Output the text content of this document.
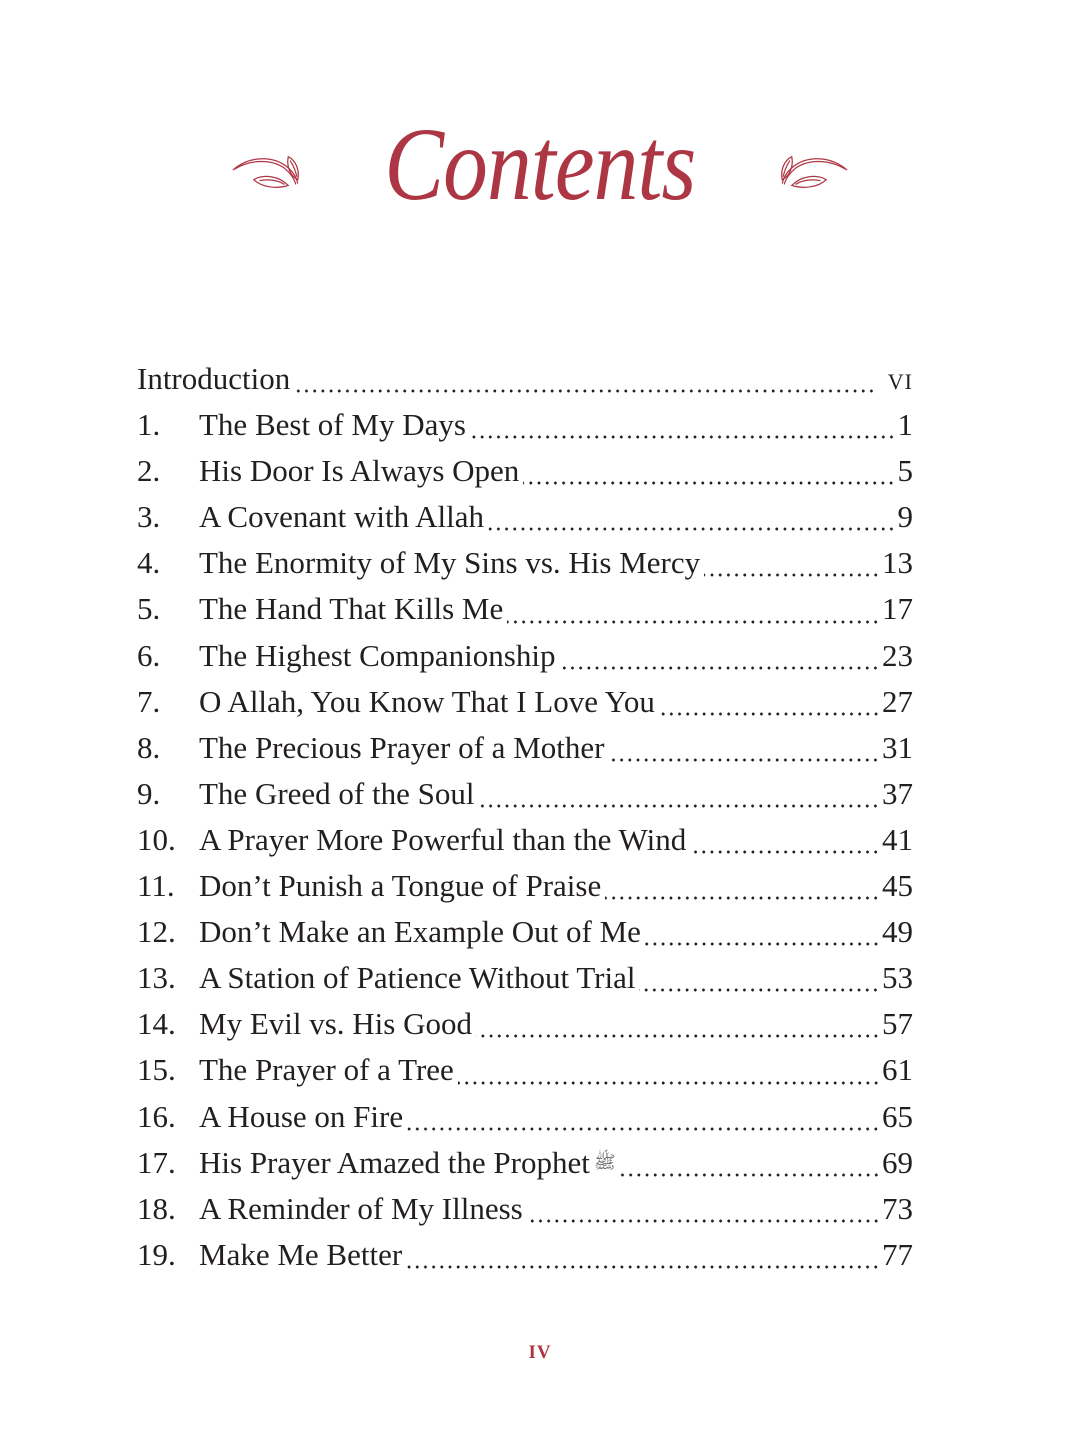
Contents
Introduction	vi
1.	The Best of My Days	1
2.	His Door Is Always Open	5
3.	A Covenant with Allah	9
4.	The Enormity of My Sins vs. His Mercy	13
5.	The Hand That Kills Me	17
6.	The Highest Companionship	23
7.	O Allah, You Know That I Love You	27
8.	The Precious Prayer of a Mother	31
9.	The Greed of the Soul	37
10. A Prayer More Powerful than the Wind	41
11. Don’t Punish a Tongue of Praise	45
12. Don’t Make an Example Out of Me	49
13. A Station of Patience Without Trial	53
14. My Evil vs. His Good	57
15. The Prayer of a Tree	61
16. A House on Fire	65
17. His Prayer Amazed the Prophet ﷺ	69
18. A Reminder of My Illness	73
19. Make Me Better	77
IV
